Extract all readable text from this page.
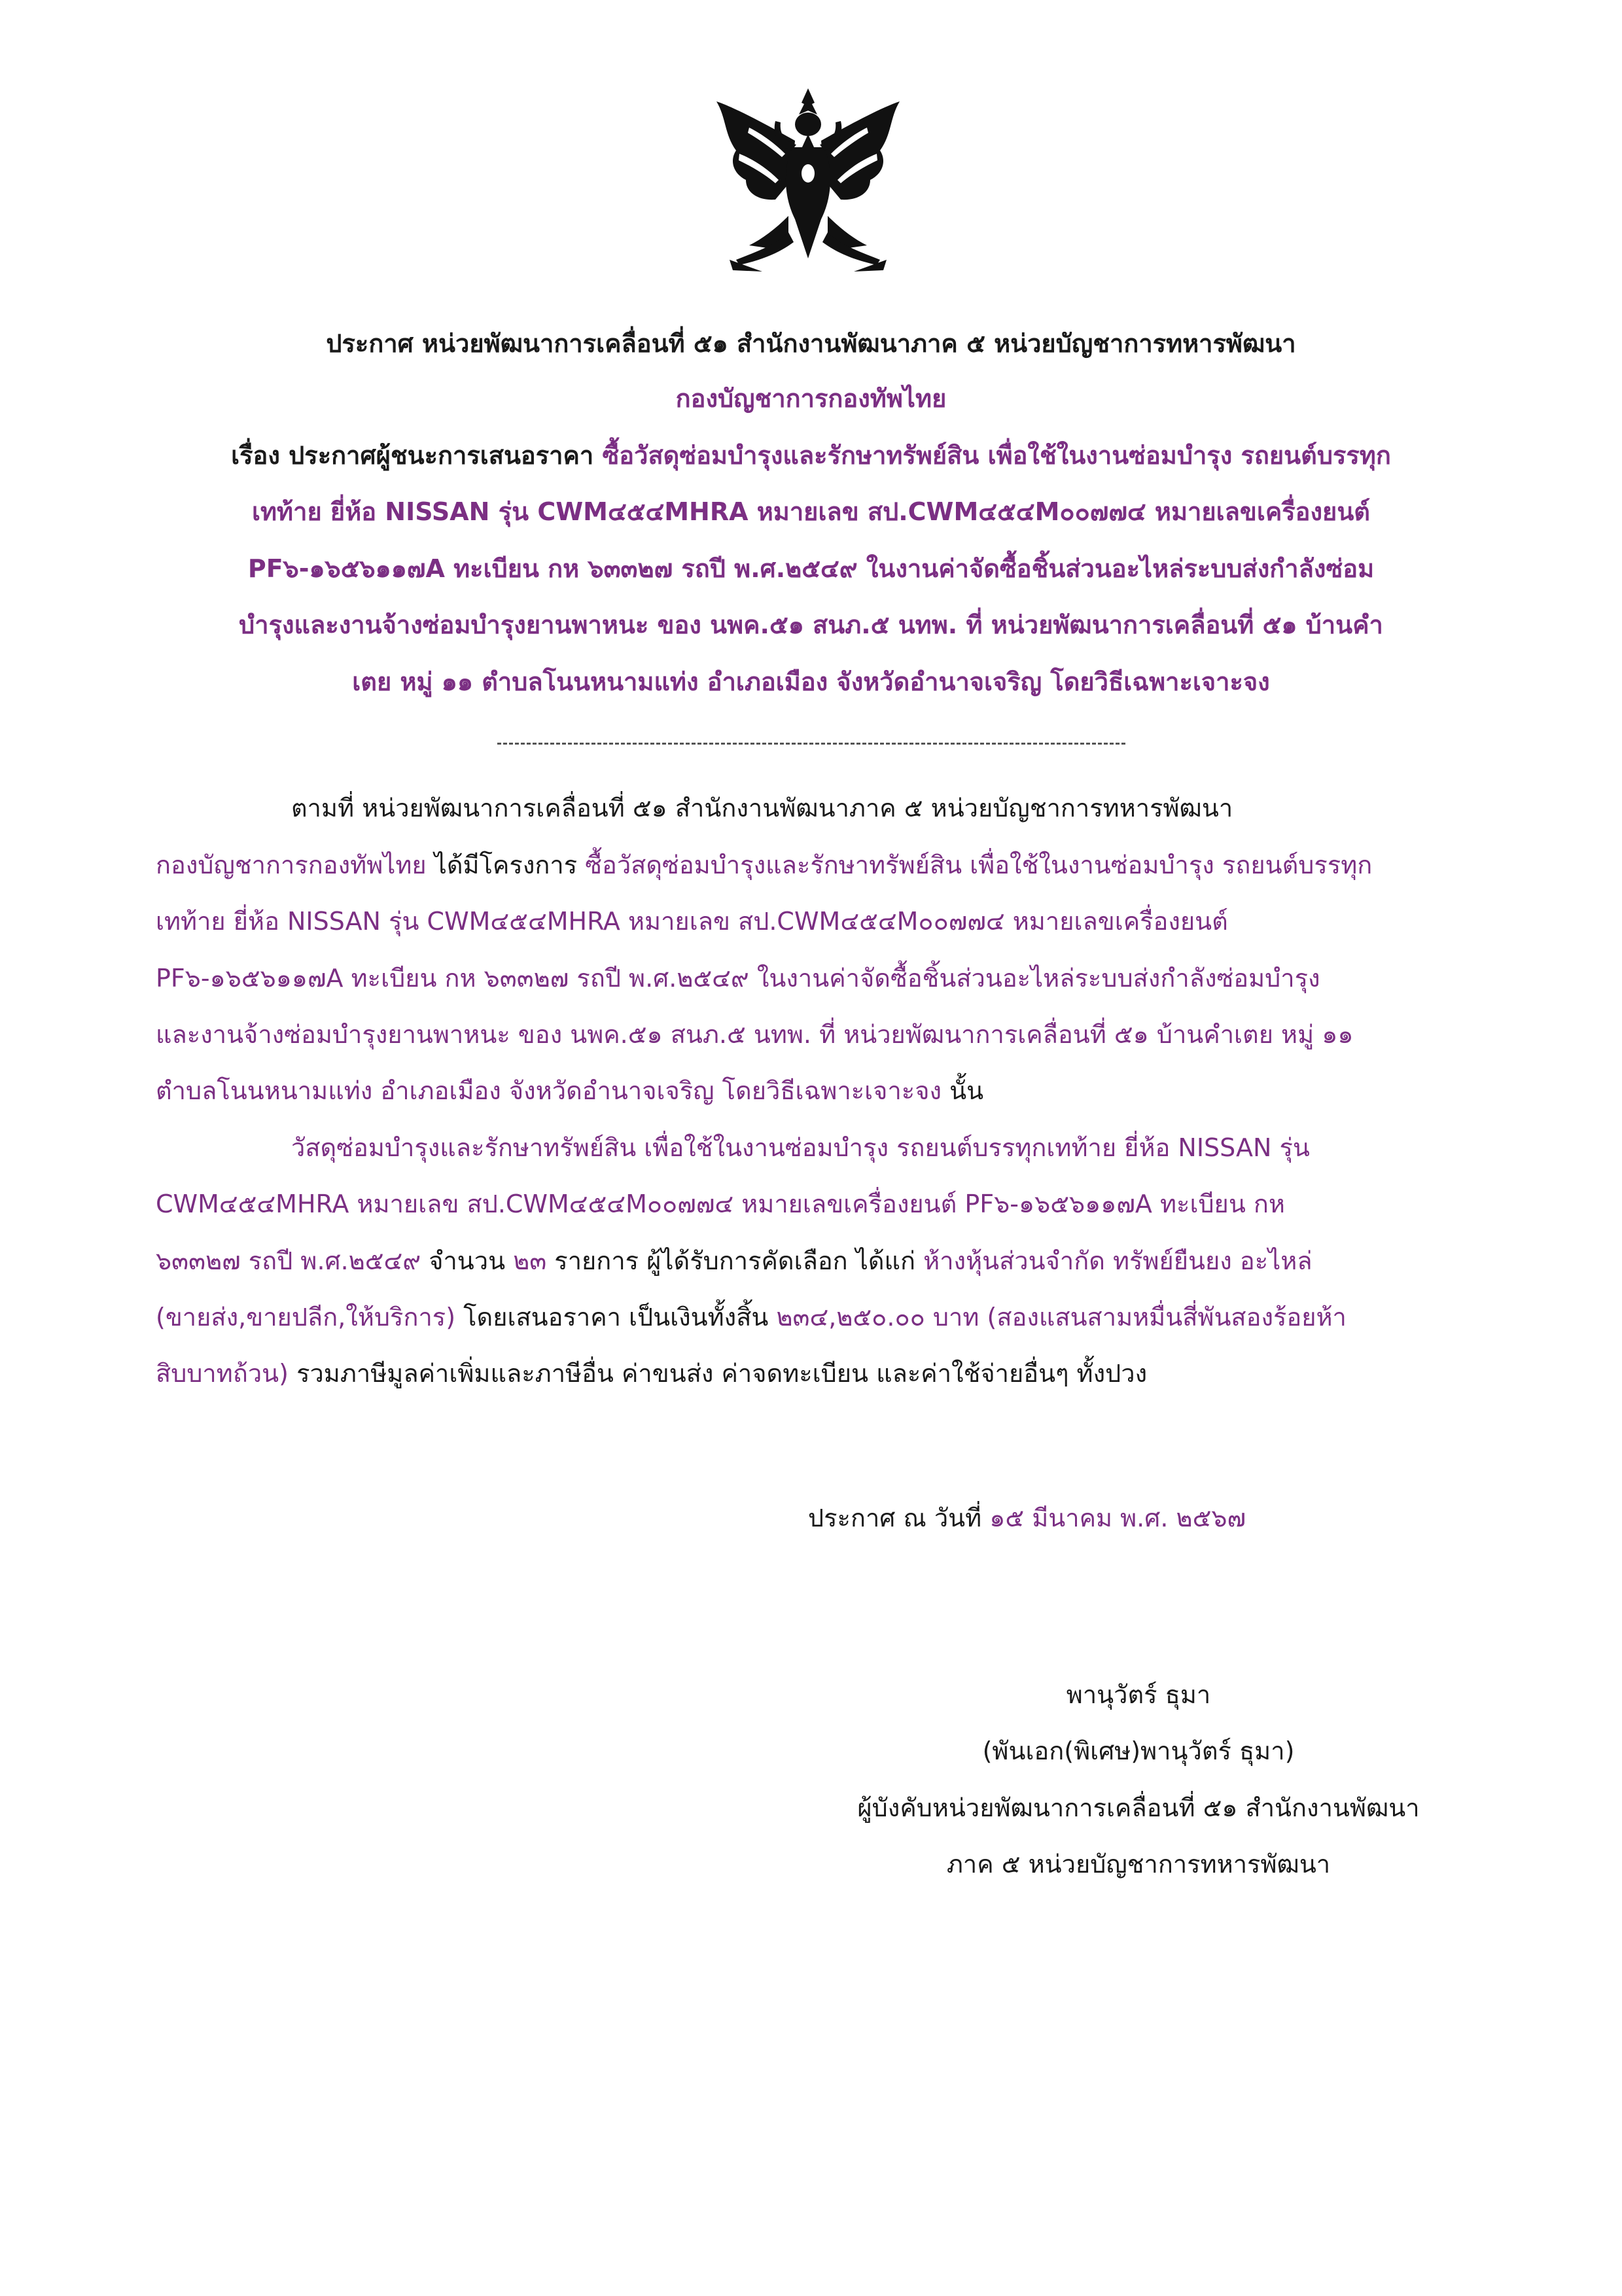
ประกาศ หน่วยพัฒนาการเคลื่อนที่ ๕๑ สำนักงานพัฒนาภาค ๕ หน่วยบัญชาการทหารพัฒนา
กองบัญชาการกองทัพไทย
เรื่อง ประกาศผู้ชนะการเสนอราคา ซื้อวัสดุซ่อมบำรุงและรักษาทรัพย์สิน เพื่อใช้ในงานซ่อมบำรุง รถยนต์บรรทุก
เทท้าย ยี่ห้อ NISSAN รุ่น CWM๔๕๔MHRA หมายเลข สป.CWM๔๕๔M๐๐๗๗๔ หมายเลขเครื่องยนต์
PF๖-๑๖๕๖๑๑๗A ทะเบียน กห ๖๓๓๒๗ รถปี พ.ศ.๒๕๔๙ ในงานค่าจัดซื้อชิ้นส่วนอะไหล่ระบบส่งกำลังซ่อม
บำรุงและงานจ้างซ่อมบำรุงยานพาหนะ ของ นพค.๕๑ สนภ.๕ นทพ. ที่ หน่วยพัฒนาการเคลื่อนที่ ๕๑ บ้านคำ
เตย หมู่ ๑๑ ตำบลโนนหนามแท่ง อำเภอเมือง จังหวัดอำนาจเจริญ โดยวิธีเฉพาะเจาะจง
ตามที่ หน่วยพัฒนาการเคลื่อนที่ ๕๑ สำนักงานพัฒนาภาค ๕ หน่วยบัญชาการทหารพัฒนา
กองบัญชาการกองทัพไทย ได้มีโครงการ ซื้อวัสดุซ่อมบำรุงและรักษาทรัพย์สิน เพื่อใช้ในงานซ่อมบำรุง รถยนต์บรรทุก
เทท้าย ยี่ห้อ NISSAN รุ่น CWM๔๕๔MHRA หมายเลข สป.CWM๔๕๔M๐๐๗๗๔ หมายเลขเครื่องยนต์
PF๖-๑๖๕๖๑๑๗A ทะเบียน กห ๖๓๓๒๗ รถปี พ.ศ.๒๕๔๙ ในงานค่าจัดซื้อชิ้นส่วนอะไหล่ระบบส่งกำลังซ่อมบำรุง
และงานจ้างซ่อมบำรุงยานพาหนะ ของ นพค.๕๑ สนภ.๕ นทพ. ที่ หน่วยพัฒนาการเคลื่อนที่ ๕๑ บ้านคำเตย หมู่ ๑๑
ตำบลโนนหนามแท่ง อำเภอเมือง จังหวัดอำนาจเจริญ โดยวิธีเฉพาะเจาะจง นั้น
วัสดุซ่อมบำรุงและรักษาทรัพย์สิน เพื่อใช้ในงานซ่อมบำรุง รถยนต์บรรทุกเทท้าย ยี่ห้อ NISSAN รุ่น
CWM๔๕๔MHRA หมายเลข สป.CWM๔๕๔M๐๐๗๗๔ หมายเลขเครื่องยนต์ PF๖-๑๖๕๖๑๑๗A ทะเบียน กห
๖๓๓๒๗ รถปี พ.ศ.๒๕๔๙ จำนวน ๒๓ รายการ ผู้ได้รับการคัดเลือก ได้แก่ ห้างหุ้นส่วนจำกัด ทรัพย์ยืนยง อะไหล่
(ขายส่ง,ขายปลีก,ให้บริการ) โดยเสนอราคา เป็นเงินทั้งสิ้น ๒๓๔,๒๕๐.๐๐ บาท (สองแสนสามหมื่นสี่พันสองร้อยห้า
สิบบาทถ้วน) รวมภาษีมูลค่าเพิ่มและภาษีอื่น ค่าขนส่ง ค่าจดทะเบียน และค่าใช้จ่ายอื่นๆ ทั้งปวง
ประกาศ ณ วันที่ ๑๕ มีนาคม พ.ศ. ๒๕๖๗
พานุวัตร์ ธุมา
(พันเอก(พิเศษ)พานุวัตร์ ธุมา)
ผู้บังคับหน่วยพัฒนาการเคลื่อนที่ ๕๑ สำนักงานพัฒนา
ภาค ๕ หน่วยบัญชาการทหารพัฒนา
